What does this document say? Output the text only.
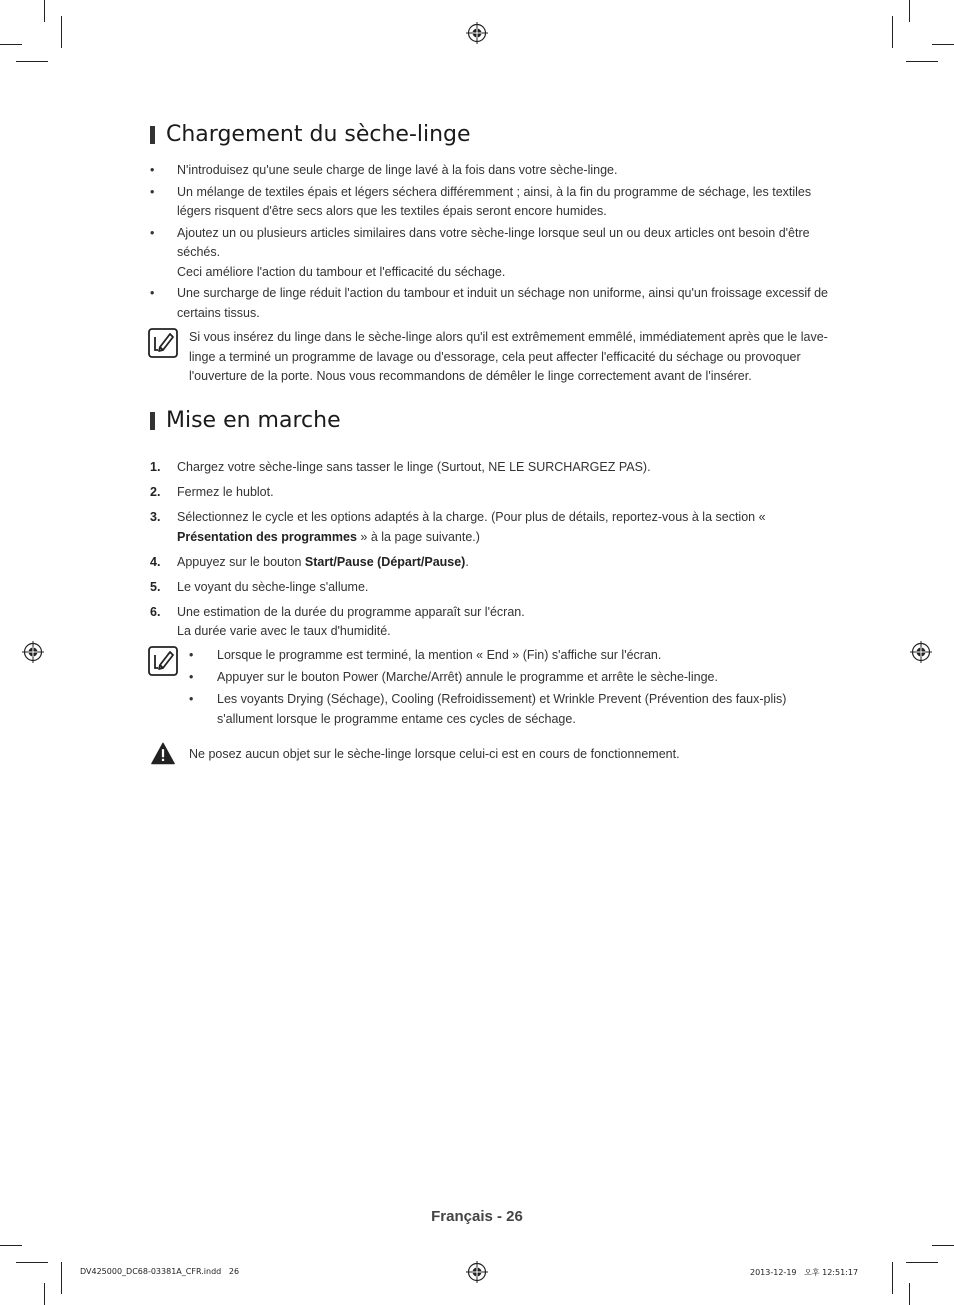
Chargement du sèche-linge
• N'introduisez qu'une seule charge de linge lavé à la fois dans votre sèche-linge.
• Un mélange de textiles épais et légers séchera différemment ; ainsi, à la fin du programme de séchage, les textiles légers risquent d'être secs alors que les textiles épais seront encore humides.
• Ajoutez un ou plusieurs articles similaires dans votre sèche-linge lorsque seul un ou deux articles ont besoin d'être séchés.
Ceci améliore l'action du tambour et l'efficacité du séchage.
• Une surcharge de linge réduit l'action du tambour et induit un séchage non uniforme, ainsi qu'un froissage excessif de certains tissus.
Si vous insérez du linge dans le sèche-linge alors qu'il est extrêmement emmêlé, immédiatement après que le lave-linge a terminé un programme de lavage ou d'essorage, cela peut affecter l'efficacité du séchage ou provoquer l'ouverture de la porte. Nous vous recommandons de démêler le linge correctement avant de l'insérer.
Mise en marche
1. Chargez votre sèche-linge sans tasser le linge (Surtout, NE LE SURCHARGEZ PAS).
2. Fermez le hublot.
3. Sélectionnez le cycle et les options adaptés à la charge. (Pour plus de détails, reportez-vous à la section « Présentation des programmes » à la page suivante.)
4. Appuyez sur le bouton Start/Pause (Départ/Pause).
5. Le voyant du sèche-linge s'allume.
6. Une estimation de la durée du programme apparaît sur l'écran.
La durée varie avec le taux d'humidité.
• Lorsque le programme est terminé, la mention « End » (Fin) s'affiche sur l'écran.
• Appuyer sur le bouton Power (Marche/Arrêt) annule le programme et arrête le sèche-linge.
• Les voyants Drying (Séchage), Cooling (Refroidissement) et Wrinkle Prevent (Prévention des faux-plis) s'allument lorsque le programme entame ces cycles de séchage.
Ne posez aucun objet sur le sèche-linge lorsque celui-ci est en cours de fonctionnement.
Français - 26
DV425000_DC68-03381A_CFR.indd   26	2013-12-19   오후 12:51:17
